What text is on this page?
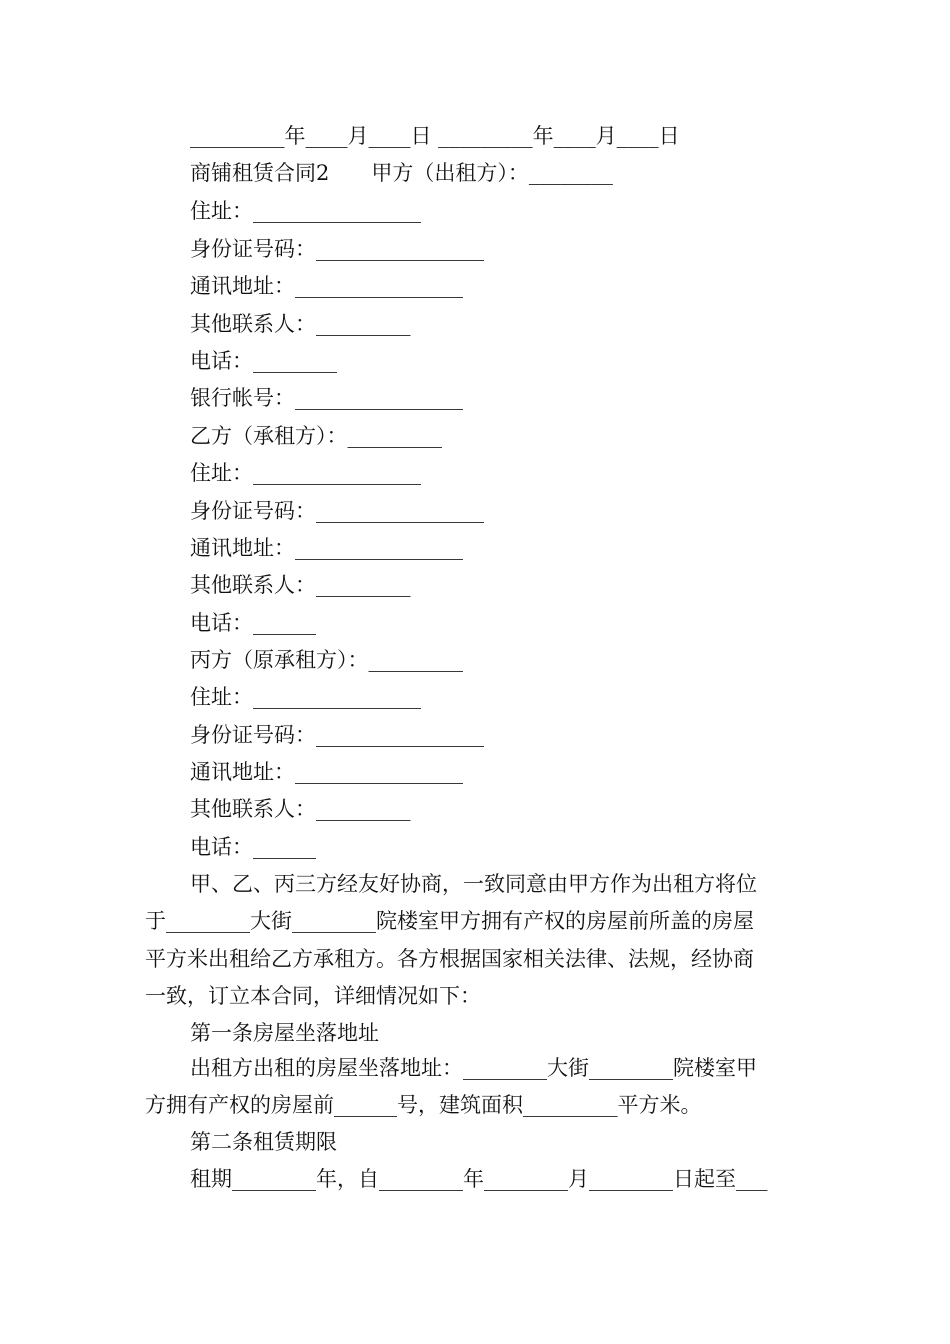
_________年____月____日 _________年____月____日
商铺租赁合同2　　甲方（出租方）：________
住址：________________
身份证号码：________________
通讯地址：________________
其他联系人：_________
电话：________
银行帐号：________________
乙方（承租方）：_________
住址：________________
身份证号码：________________
通讯地址：________________
其他联系人：_________
电话：______
丙方（原承租方）：_________
住址：________________
身份证号码：________________
通讯地址：________________
其他联系人：_________
电话：______
甲、乙、丙三方经友好协商，一致同意由甲方作为出租方将位
于________大街________院楼室甲方拥有产权的房屋前所盖的房屋
平方米出租给乙方承租方。各方根据国家相关法律、法规，经协商
一致，订立本合同，详细情况如下：
第一条房屋坐落地址
出租方出租的房屋坐落地址：________大街________院楼室甲
方拥有产权的房屋前______号，建筑面积_________平方米。
第二条租赁期限
租期________年，自________年________月________日起至___
